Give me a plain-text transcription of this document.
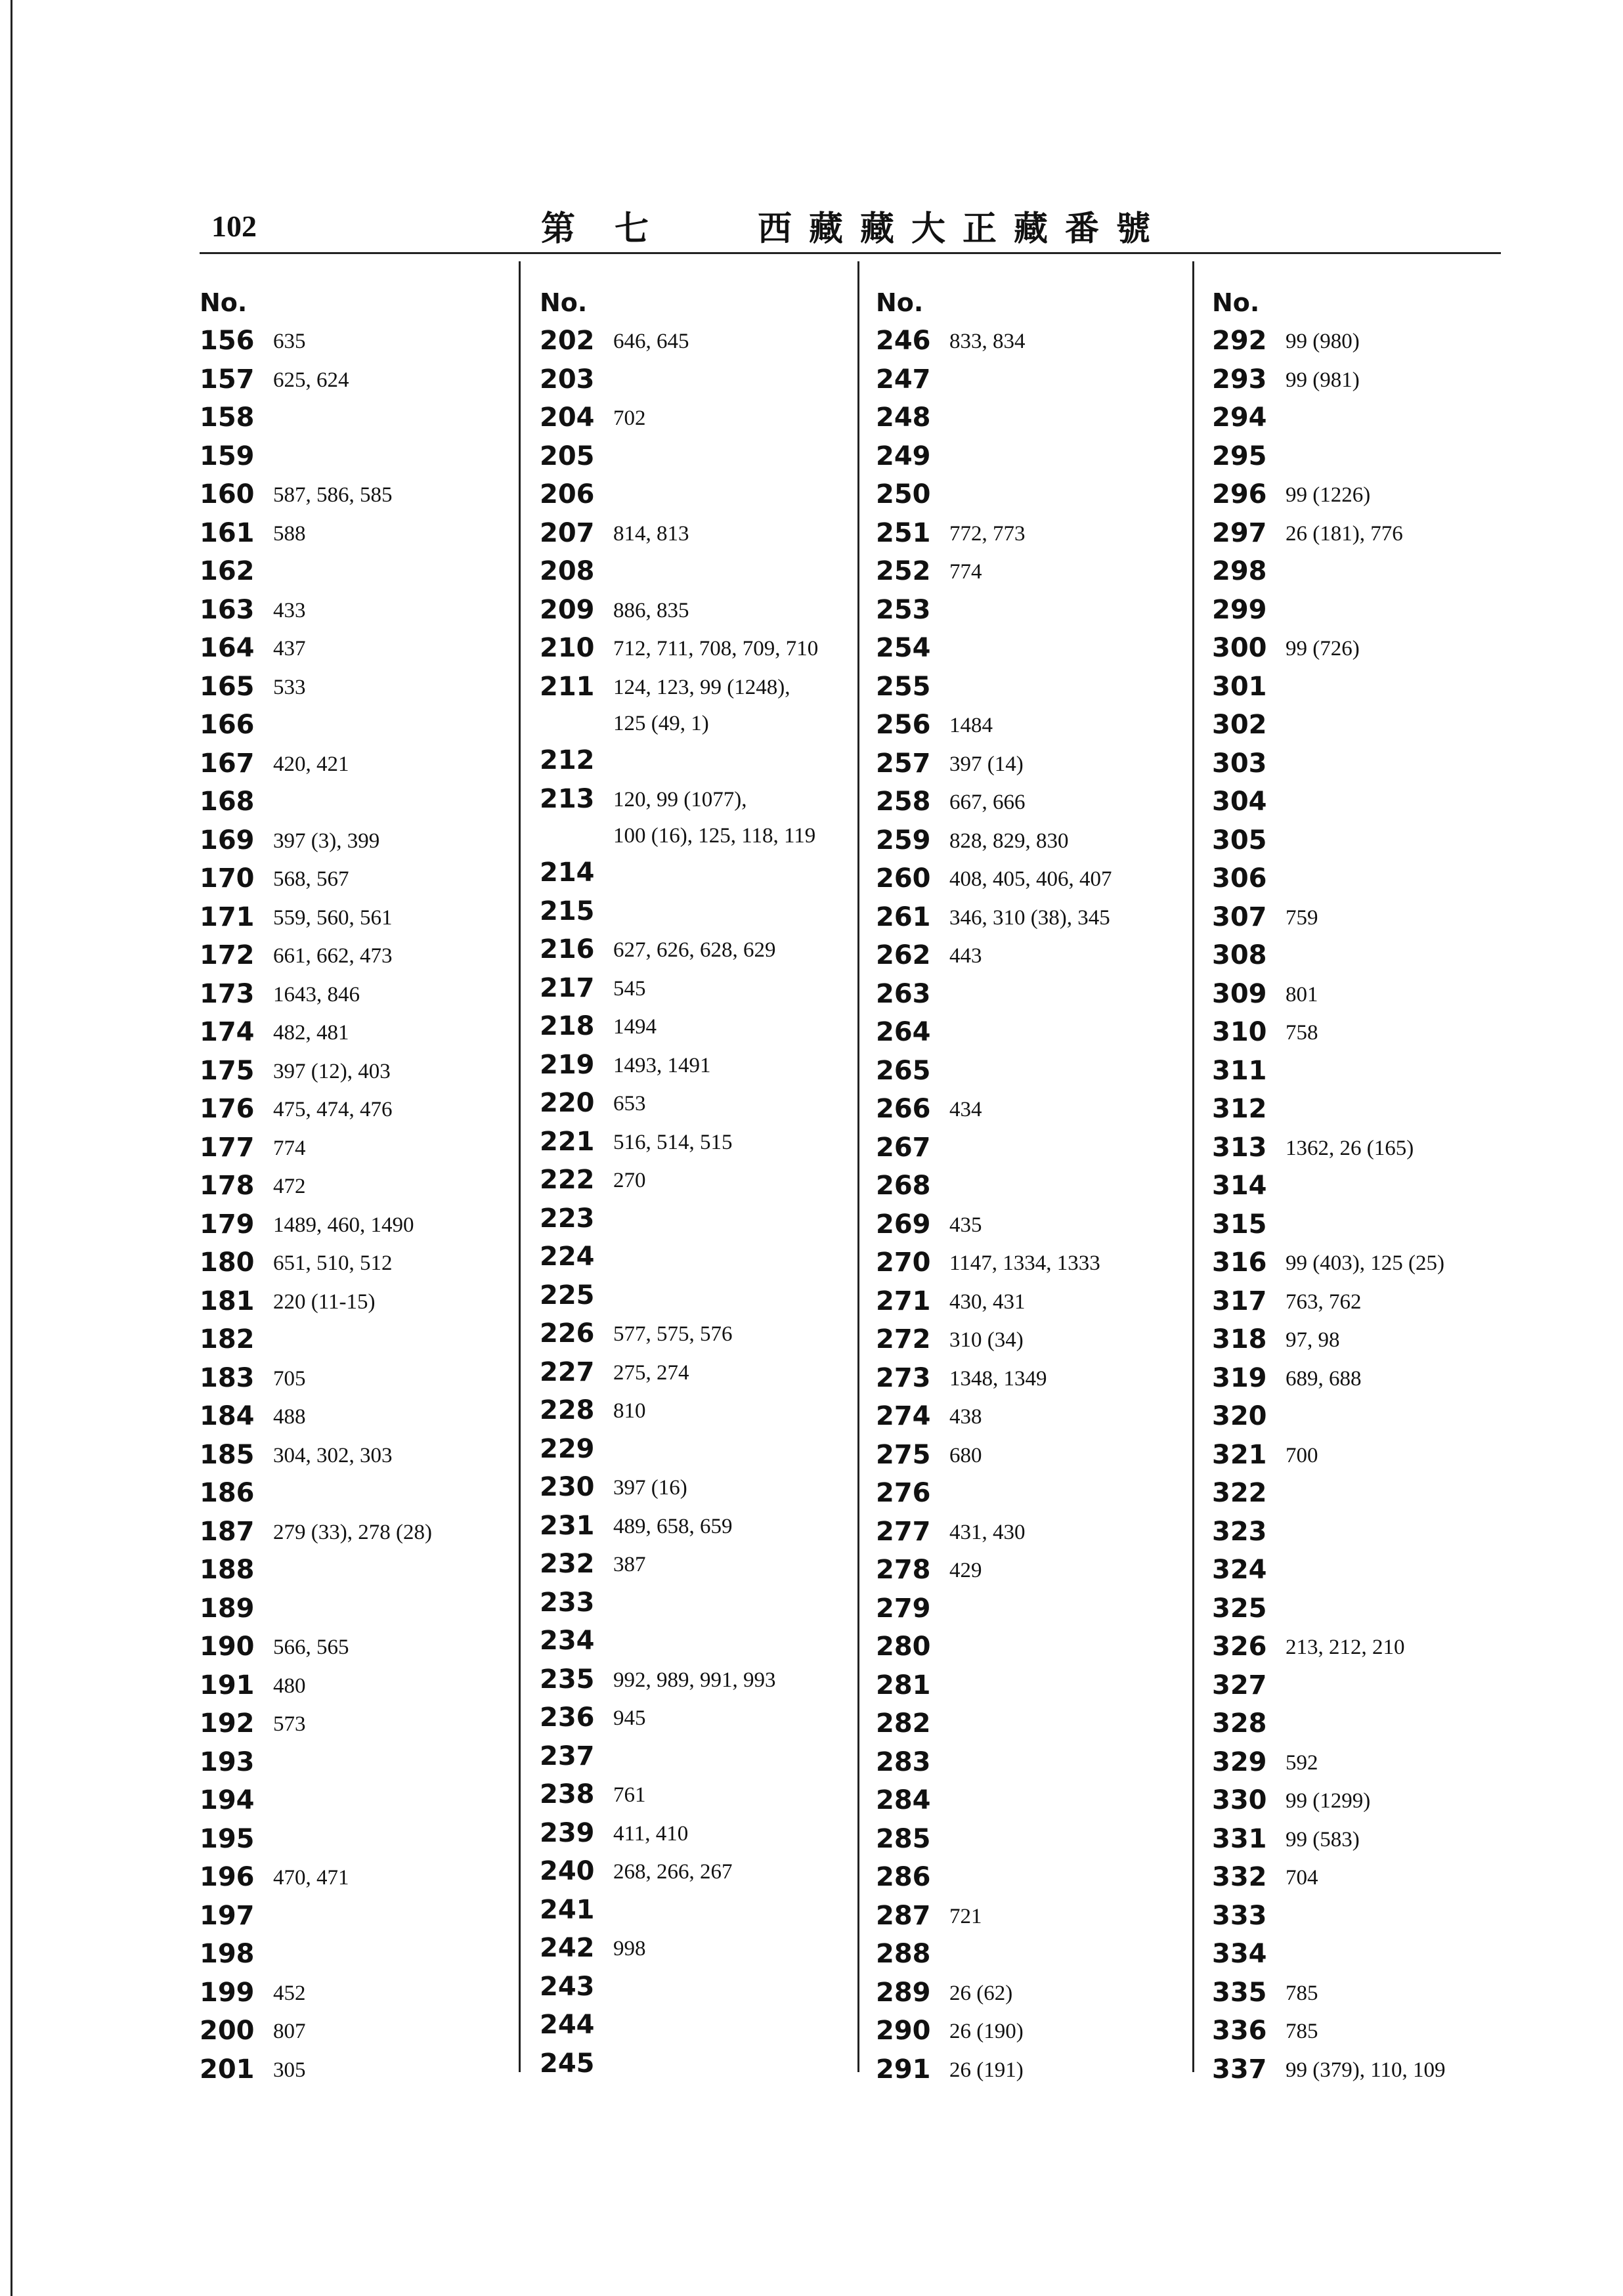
102	第七 西藏藏大正藏番號
No.
156 635
157 625, 624
158
159
160 587, 586, 585
161 588
162
163 433
164 437
165 533
166
167 420, 421
168
169 397 (3), 399
170 568, 567
171 559, 560, 561
172 661, 662, 473
173 1643, 846
174 482, 481
175 397 (12), 403
176 475, 474, 476
177 774
178 472
179 1489, 460, 1490
180 651, 510, 512
181 220 (11-15)
182
183 705
184 488
185 304, 302, 303
186
187 279 (33), 278 (28)
188
189
190 566, 565
191 480
192 573
193
194
195
196 470, 471
197
198
199 452
200 807
201 305
No.
202 646, 645
203
204 702
205
206
207 814, 813
208
209 886, 835
210 712, 711, 708, 709, 710
211 124, 123, 99 (1248),
125 (49, 1)
212
213 120, 99 (1077),
100 (16), 125, 118, 119
214
215
216 627, 626, 628, 629
217 545
218 1494
219 1493, 1491
220 653
221 516, 514, 515
222 270
223
224
225
226 577, 575, 576
227 275, 274
228 810
229
230 397 (16)
231 489, 658, 659
232 387
233
234
235 992, 989, 991, 993
236 945
237
238 761
239 411, 410
240 268, 266, 267
241
242 998
243
244
245
No.
246 833, 834
247
248
249
250
251 772, 773
252 774
253
254
255
256 1484
257 397 (14)
258 667, 666
259 828, 829, 830
260 408, 405, 406, 407
261 346, 310 (38), 345
262 443
263
264
265
266 434
267
268
269 435
270 1147, 1334, 1333
271 430, 431
272 310 (34)
273 1348, 1349
274 438
275 680
276
277 431, 430
278 429
279
280
281
282
283
284
285
286
287 721
288
289 26 (62)
290 26 (190)
291 26 (191)
No.
292 99 (980)
293 99 (981)
294
295
296 99 (1226)
297 26 (181), 776
298
299
300 99 (726)
301
302
303
304
305
306
307 759
308
309 801
310 758
311
312
313 1362, 26 (165)
314
315
316 99 (403), 125 (25)
317 763, 762
318 97, 98
319 689, 688
320
321 700
322
323
324
325
326 213, 212, 210
327
328
329 592
330 99 (1299)
331 99 (583)
332 704
333
334
335 785
336 785
337 99 (379), 110, 109
